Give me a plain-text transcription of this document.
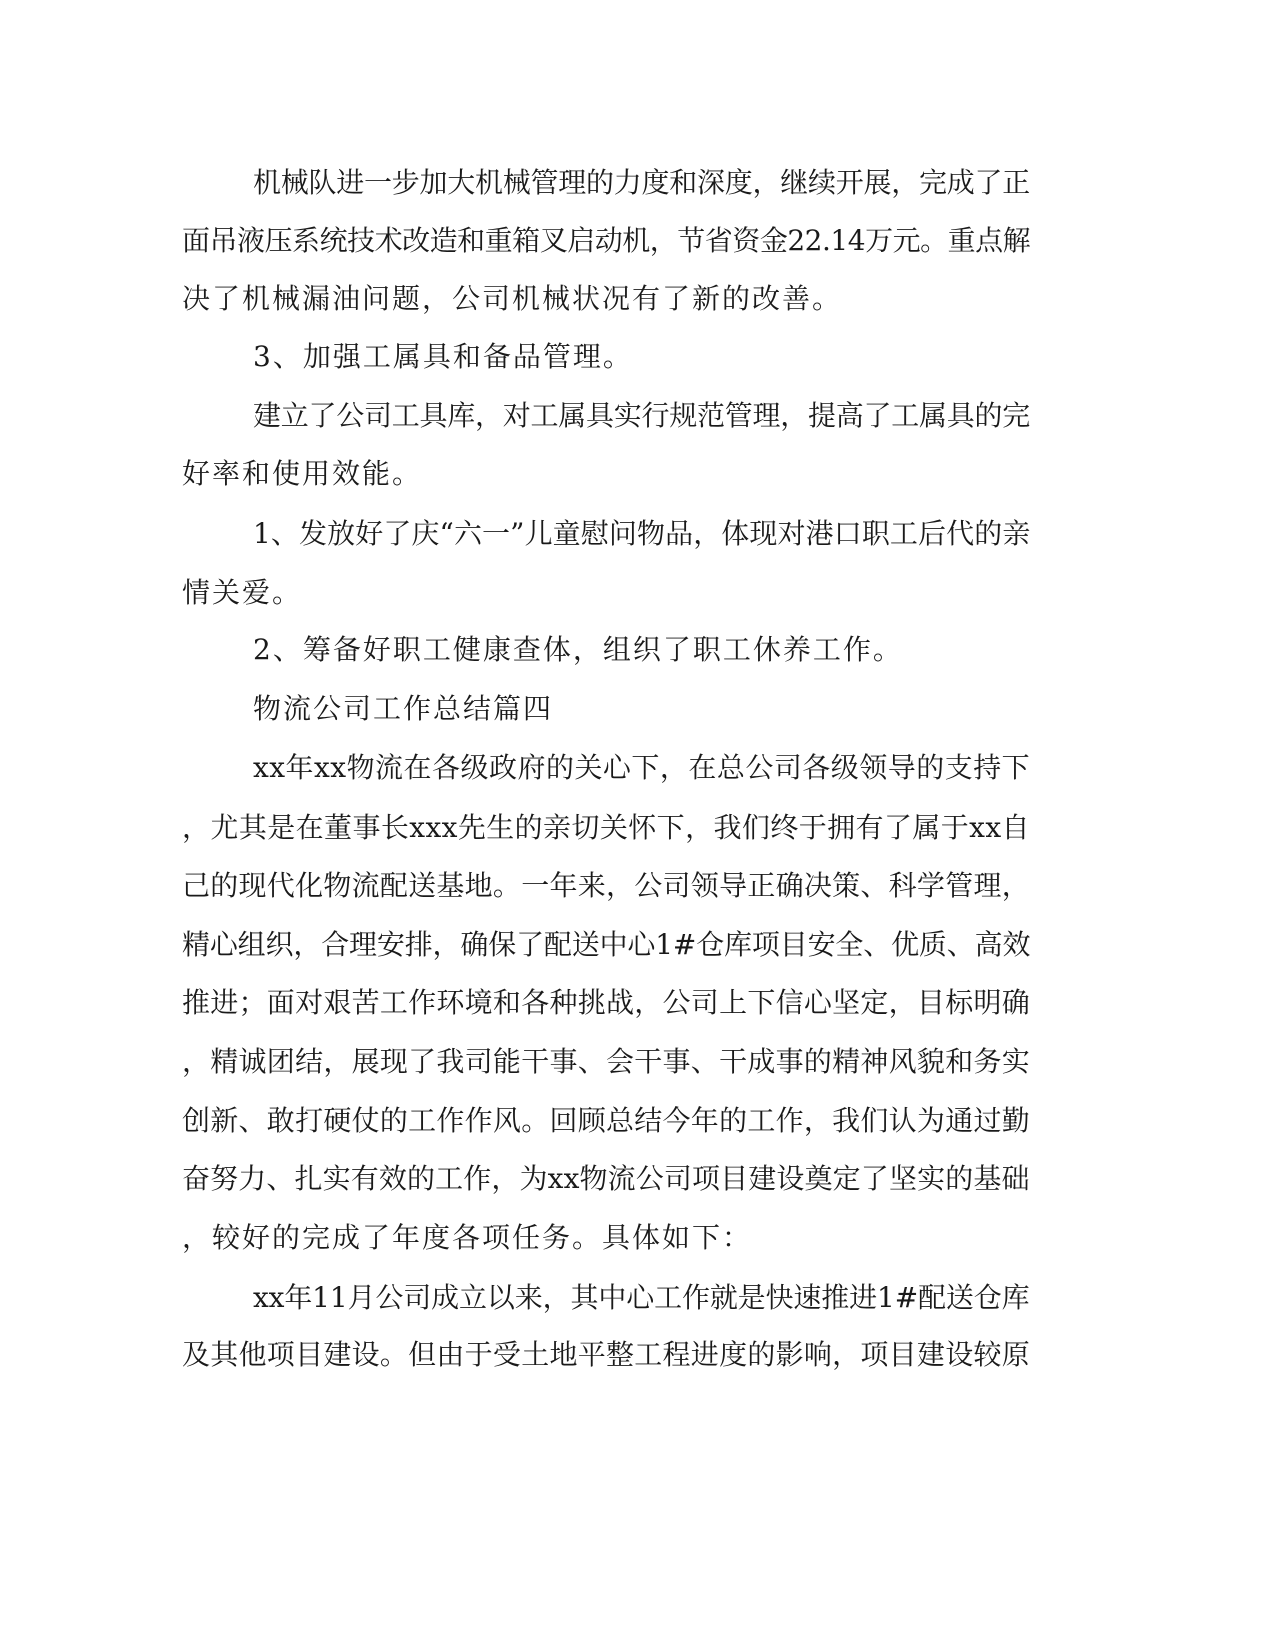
机械队进一步加大机械管理的力度和深度，继续开展，完成了正
面吊液压系统技术改造和重箱叉启动机，节省资金22.14万元。重点解
决了机械漏油问题，公司机械状况有了新的改善。
3、加强工属具和备品管理。
建立了公司工具库，对工属具实行规范管理，提高了工属具的完
好率和使用效能。
1、发放好了庆“六一”儿童慰问物品，体现对港口职工后代的亲
情关爱。
2、筹备好职工健康查体，组织了职工休养工作。
物流公司工作总结篇四
xx年xx物流在各级政府的关心下，在总公司各级领导的支持下
，尤其是在董事长xxx先生的亲切关怀下，我们终于拥有了属于xx自
己的现代化物流配送基地。一年来，公司领导正确决策、科学管理，
精心组织，合理安排，确保了配送中心1#仓库项目安全、优质、高效
推进；面对艰苦工作环境和各种挑战，公司上下信心坚定，目标明确
，精诚团结，展现了我司能干事、会干事、干成事的精神风貌和务实
创新、敢打硬仗的工作作风。回顾总结今年的工作，我们认为通过勤
奋努力、扎实有效的工作，为xx物流公司项目建设奠定了坚实的基础
，较好的完成了年度各项任务。具体如下：
xx年11月公司成立以来，其中心工作就是快速推进1#配送仓库
及其他项目建设。但由于受土地平整工程进度的影响，项目建设较原
